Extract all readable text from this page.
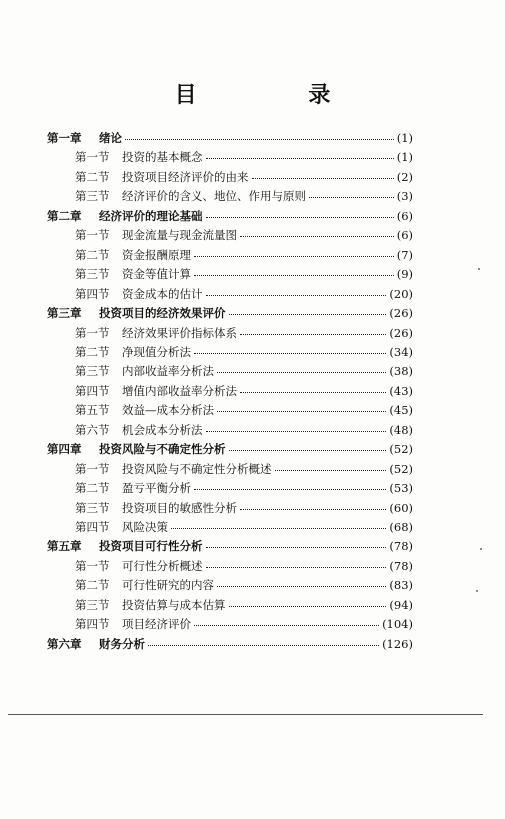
目 录
第一章	绪论	(1)
第一节	投资的基本概念	(1)
第二节	投资项目经济评价的由来	(2)
第三节	经济评价的含义、地位、作用与原则	(3)
第二章	经济评价的理论基础	(6)
第一节	现金流量与现金流量图	(6)
第二节	资金报酬原理	(7)
第三节	资金等值计算	(9)
第四节	资金成本的估计	(20)
第三章	投资项目的经济效果评价	(26)
第一节	经济效果评价指标体系	(26)
第二节	净现值分析法	(34)
第三节	内部收益率分析法	(38)
第四节	增值内部收益率分析法	(43)
第五节	效益—成本分析法	(45)
第六节	机会成本分析法	(48)
第四章	投资风险与不确定性分析	(52)
第一节	投资风险与不确定性分析概述	(52)
第二节	盈亏平衡分析	(53)
第三节	投资项目的敏感性分析	(60)
第四节	风险决策	(68)
第五章	投资项目可行性分析	(78)
第一节	可行性分析概述	(78)
第二节	可行性研究的内容	(83)
第三节	投资估算与成本估算	(94)
第四节	项目经济评价	(104)
第六章	财务分析	(126)
